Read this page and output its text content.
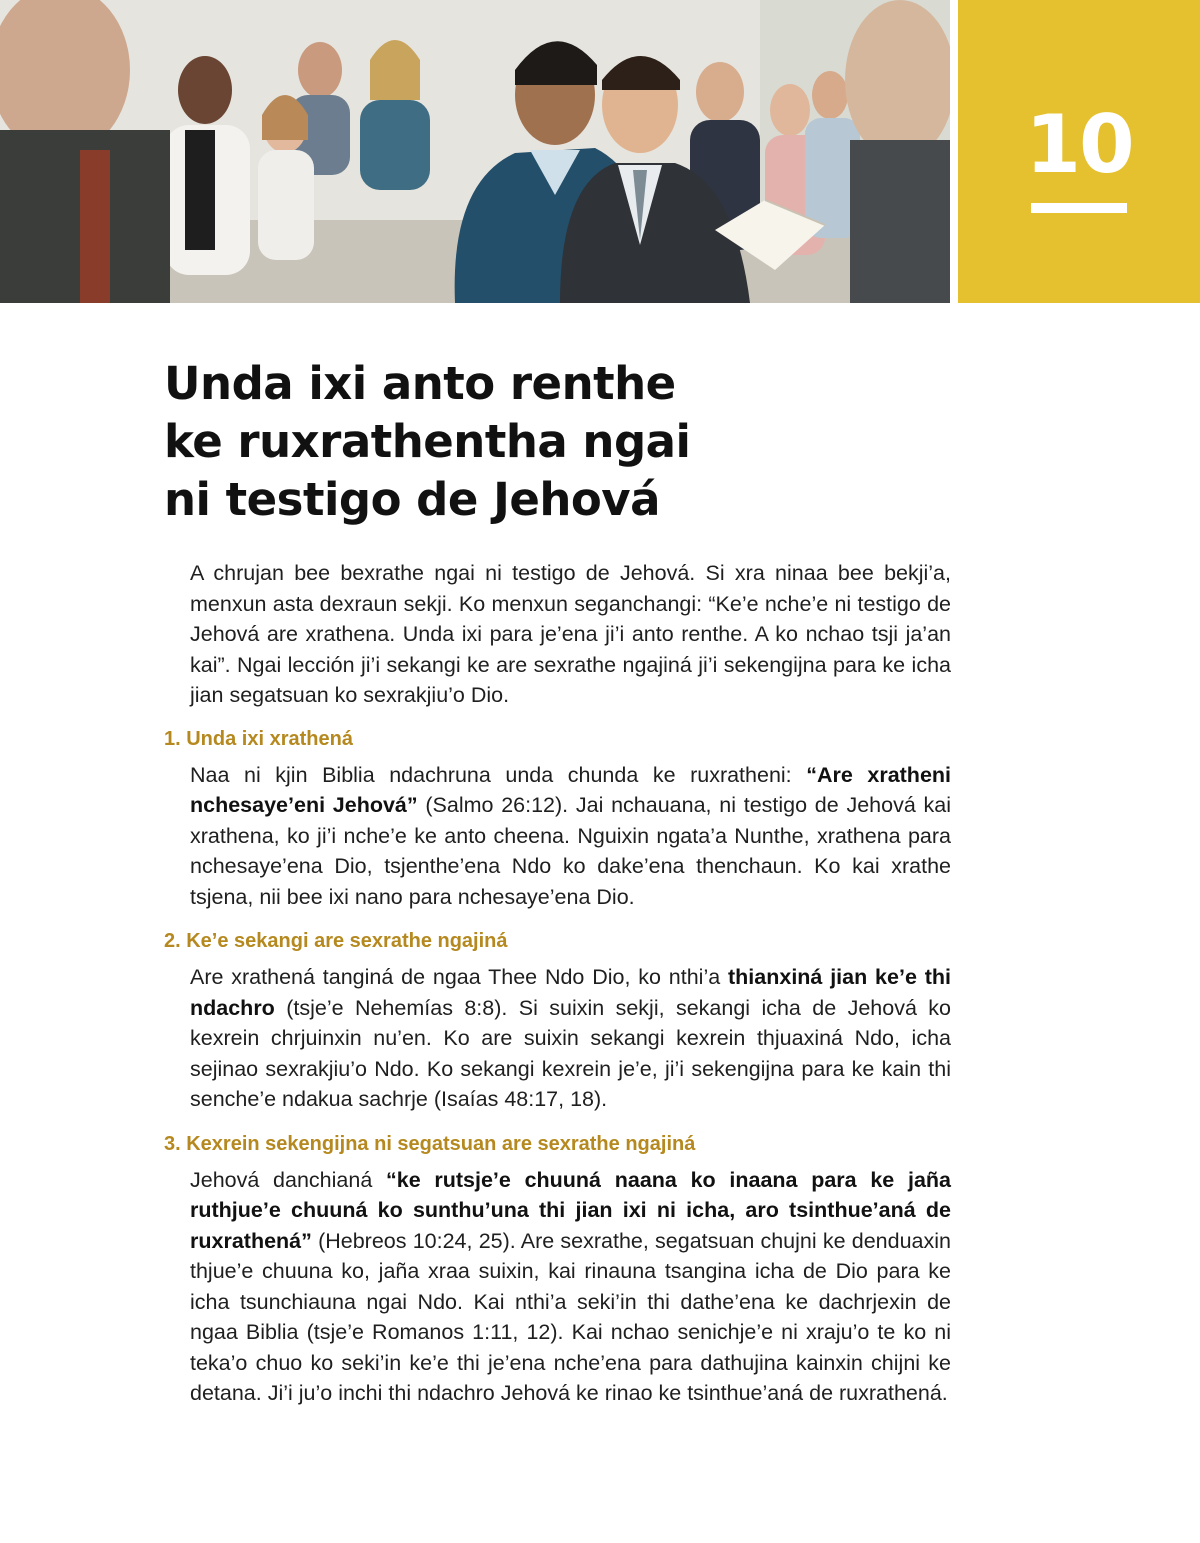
10
Unda ixi anto renthe
ke ruxrathentha ngai
ni testigo de Jehová

A chrujan bee bexrathe ngai ni testigo de Jehová. Si xra ninaa bee bekji’a, menxun asta dexraun sekji. Ko menxun seganchangi: “Ke’e nche’e ni testigo de Jehová are xrathena. Unda ixi para je’ena ji’i anto renthe. A ko nchao tsji ja’an kai”. Ngai lección ji’i sekangi ke are sexrathe ngajiná ji’i sekengijna para ke icha jian segatsuan ko sexrakjiu’o Dio.

1. Unda ixi xrathená

Naa ni kjin Biblia ndachruna unda chunda ke ruxratheni: “Are xratheni nchesaye’eni Jehová” (Salmo 26:12). Jai nchauana, ni testigo de Jehová kai xrathena, ko ji’i nche’e ke anto cheena. Nguixin ngata’a Nunthe, xrathena para nchesaye’ena Dio, tsjenthe’ena Ndo ko dake’ena thenchaun. Ko kai xrathe tsjena, nii bee ixi nano para nchesaye’ena Dio.

2. Ke’e sekangi are sexrathe ngajiná

Are xrathená tanginá de ngaa Thee Ndo Dio, ko nthi’a thianxiná jian ke’e thi ndachro (tsje’e Nehemías 8:8). Si suixin sekji, sekangi icha de Jehová ko kexrein chrjuinxin nu’en. Ko are suixin sekangi kexrein thjuaxiná Ndo, icha sejinao sexrakjiu’o Ndo. Ko sekangi kexrein je’e, ji’i sekengijna para ke kain thi senche’e ndakua sachrje (Isaías 48:17, 18).

3. Kexrein sekengijna ni segatsuan are sexrathe ngajiná

Jehová danchianá “ke rutsje’e chuuná naana ko inaana para ke jaña ruthjue’e chuuná ko sunthu’una thi jian ixi ni icha, aro tsinthue’aná de ruxrathená” (Hebreos 10:24, 25). Are sexrathe, segatsuan chujni ke denduaxin thjue’e chuuna ko, jaña xraa suixin, kai rinauna tsangina icha de Dio para ke icha tsunchiauna ngai Ndo. Kai nthi’a seki’in thi dathe’ena ke dachrjexin de ngaa Biblia (tsje’e Romanos 1:11, 12). Kai nchao senichje’e ni xraju’o te ko ni teka’o chuo ko seki’in ke’e thi je’ena nche’ena para dathujina kainxin chijni ke detana. Ji’i ju’o inchi thi ndachro Jehová ke rinao ke tsinthue’aná de ruxrathená.
